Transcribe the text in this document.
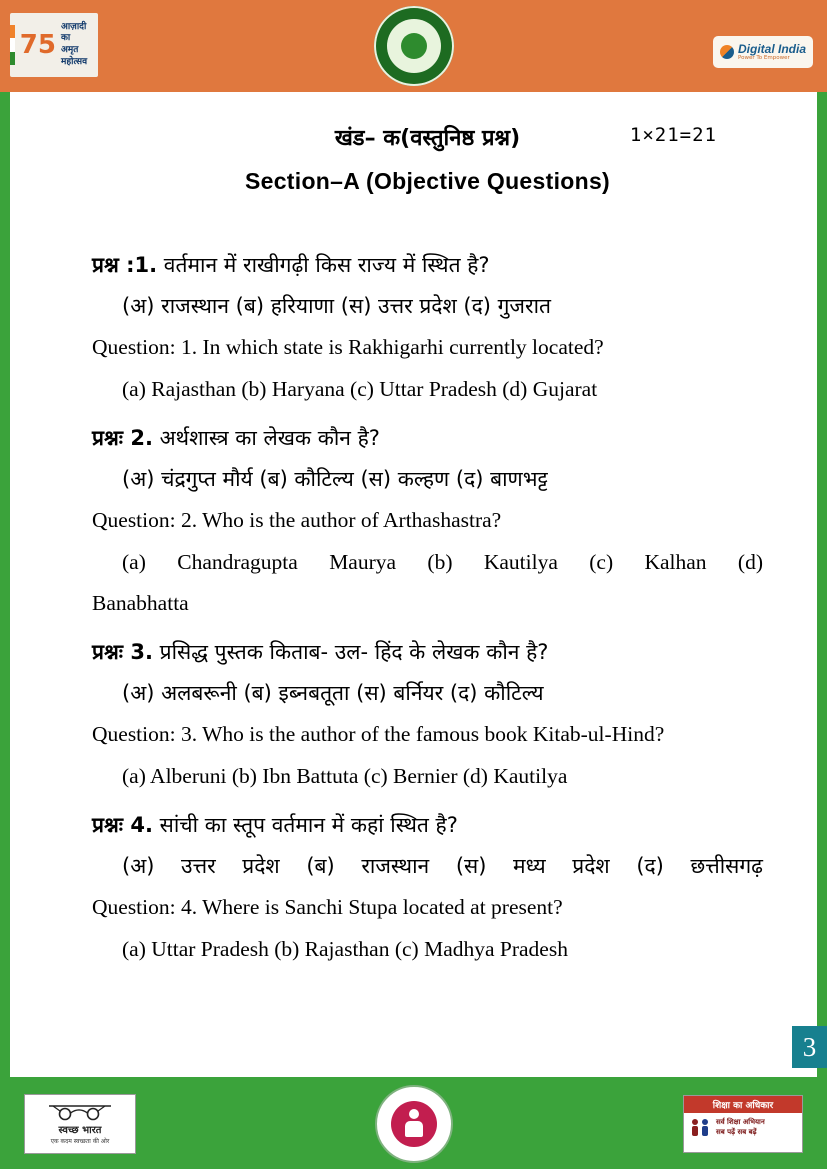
75
आज़ादी का
अमृत महोत्सव
Digital India
Power To Empower
खंड– क(वस्तुनिष्ठ प्रश्न)	1×21=21
Section–A (Objective Questions)

प्रश्न :1. वर्तमान में राखीगढ़ी किस राज्य में स्थित है?

(अ) राजस्थान (ब) हरियाणा (स) उत्तर प्रदेश (द) गुजरात

Question: 1. In which state is Rakhigarhi currently located?

(a) Rajasthan (b) Haryana (c) Uttar Pradesh (d) Gujarat

प्रश्नः 2. अर्थशास्त्र का लेखक कौन है?

(अ) चंद्रगुप्त मौर्य (ब) कौटिल्य (स) कल्हण (द) बाणभट्ट

Question: 2. Who is the author of Arthashastra?

(a) Chandragupta Maurya (b) Kautilya (c) Kalhan (d)
Banabhatta

प्रश्नः 3. प्रसिद्ध पुस्तक किताब- उल- हिंद के लेखक कौन है?

(अ) अलबरूनी (ब) इब्नबतूता (स) बर्नियर (द) कौटिल्य

Question: 3. Who is the author of the famous book Kitab-ul-Hind?

(a) Alberuni (b) Ibn Battuta (c) Bernier (d) Kautilya

प्रश्नः 4. सांची का स्तूप वर्तमान में कहां स्थित है?

(अ) उत्तर प्रदेश (ब) राजस्थान (स) मध्य प्रदेश (द) छत्तीसगढ़

Question: 4. Where is Sanchi Stupa located at present?

(a) Uttar Pradesh (b) Rajasthan (c) Madhya Pradesh

3
स्वच्छ भारत
एक कदम स्वच्छता की ओर
शिक्षा का अधिकार
सर्व शिक्षा अभियान
सब पढ़ें सब बढ़ें
